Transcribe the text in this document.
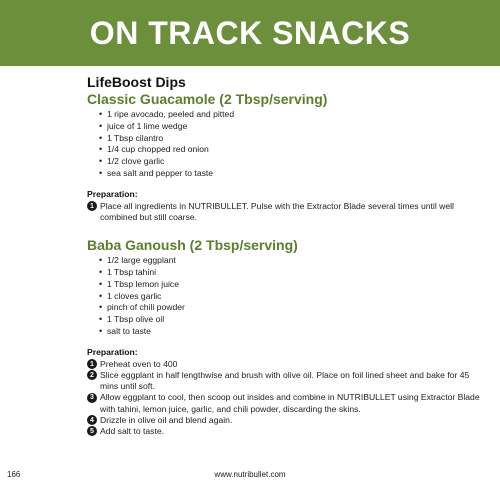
ON TRACK SNACKS
LifeBoost Dips
Classic Guacamole (2 Tbsp/serving)
• 1 ripe avocado, peeled and pitted
• juice of 1 lime wedge
• 1 Tbsp cilantro
• 1/4 cup chopped red onion
• 1/2 clove garlic
• sea salt and pepper to taste
Preparation:
1 Place all ingredients in NUTRIBULLET. Pulse with the Extractor Blade several times until well combined but still coarse.
Baba Ganoush (2 Tbsp/serving)
• 1/2 large eggplant
• 1 Tbsp tahini
• 1 Tbsp lemon juice
• 1 cloves garlic
• pinch of chili powder
• 1 Tbsp olive oil
• salt to taste
Preparation:
1 Preheat oven to 400
2 Slice eggplant in half lengthwise and brush with olive oil. Place on foil lined sheet and bake for 45 mins until soft.
3 Allow eggplant to cool, then scoop out insides and combine in NUTRIBULLET using Extractor Blade with tahini, lemon juice, garlic, and chili powder, discarding the skins.
4 Drizzle in olive oil and blend again.
5 Add salt to taste.
166	www.nutribullet.com
